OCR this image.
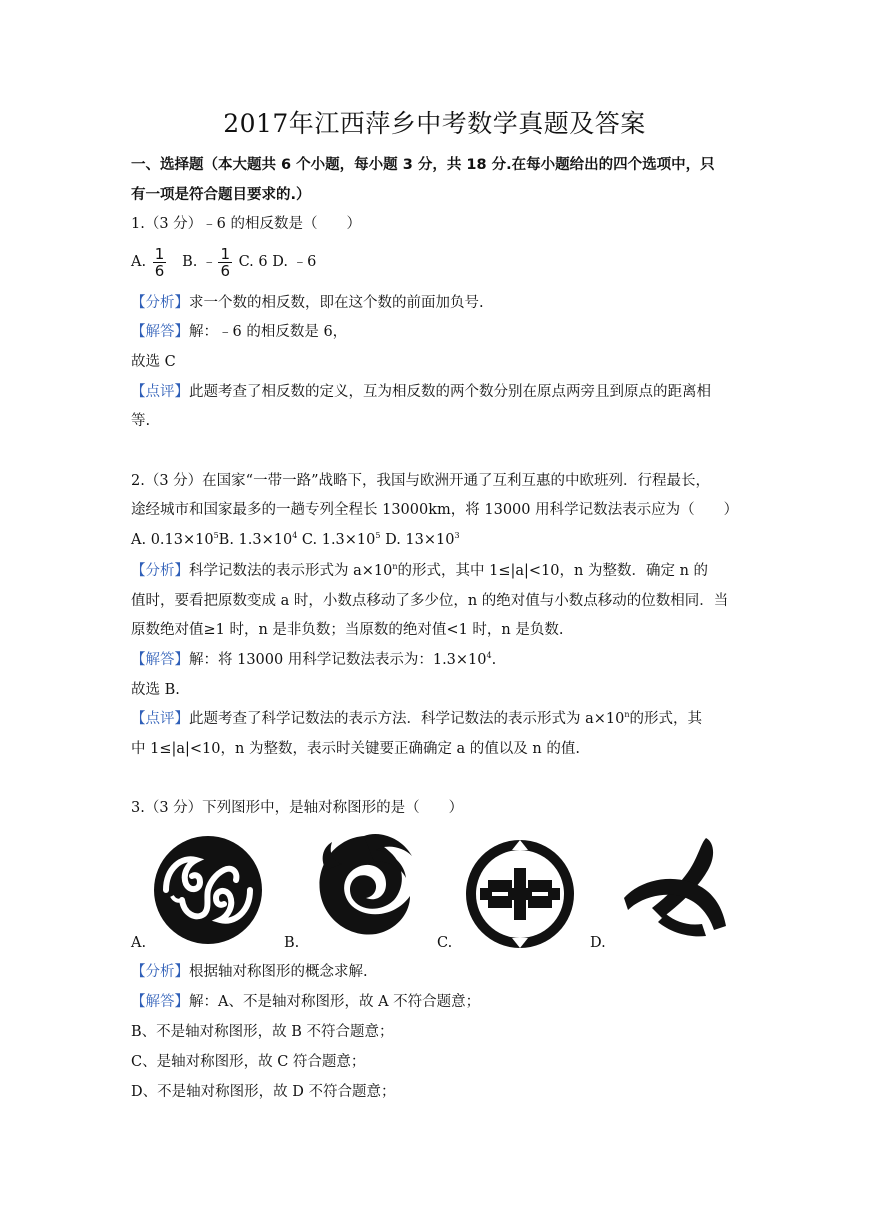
2017年江西萍乡中考数学真题及答案
一、选择题（本大题共 6 个小题，每小题 3 分，共 18 分.在每小题给出的四个选项中，只
有一项是符合题目要求的.）
1.（3 分）﹣6 的相反数是（　　）
A. $\frac{1}{6} B$. ﹣ $\frac{1}{6} C$. 6 D. ﹣6
【分析】求一个数的相反数，即在这个数的前面加负号.
【解答】解：﹣6 的相反数是 6，
故选 C
【点评】此题考查了相反数的定义，互为相反数的两个数分别在原点两旁且到原点的距离相
等.
2.（3 分）在国家“一带一路”战略下，我国与欧洲开通了互利互惠的中欧班列．行程最长，
途经城市和国家最多的一趟专列全程长 13000km，将 13000 用科学记数法表示应为（　　）
A. $0.13\times 10^5B$. $1.3\times 10^4$ C. $1.3\times 10^5$ D. $13\times 10^3$
【分析】科学记数法的表示形式为 $a\times 10^n$的形式，其中 1≤|a|<10，n 为整数．确定 n 的
值时，要看把原数变成 a 时，小数点移动了多少位，n 的绝对值与小数点移动的位数相同．当
原数绝对值≥1 时，n 是非负数；当原数的绝对值<1 时，n 是负数.
【解答】解：将 13000 用科学记数法表示为：$1.3\times 10^4$.
故选 B.
【点评】此题考查了科学记数法的表示方法．科学记数法的表示形式为 $a\times 10^n$的形式，其
中 1≤|a|<10，n 为整数，表示时关键要正确确定 a 的值以及 n 的值.
3.（3 分）下列图形中，是轴对称图形的是（　　）
A.	B.	C.	D.
【分析】根据轴对称图形的概念求解.
【解答】解：A、不是轴对称图形，故 A 不符合题意；
B、不是轴对称图形，故 B 不符合题意；
C、是轴对称图形，故 C 符合题意；
D、不是轴对称图形，故 D 不符合题意；
